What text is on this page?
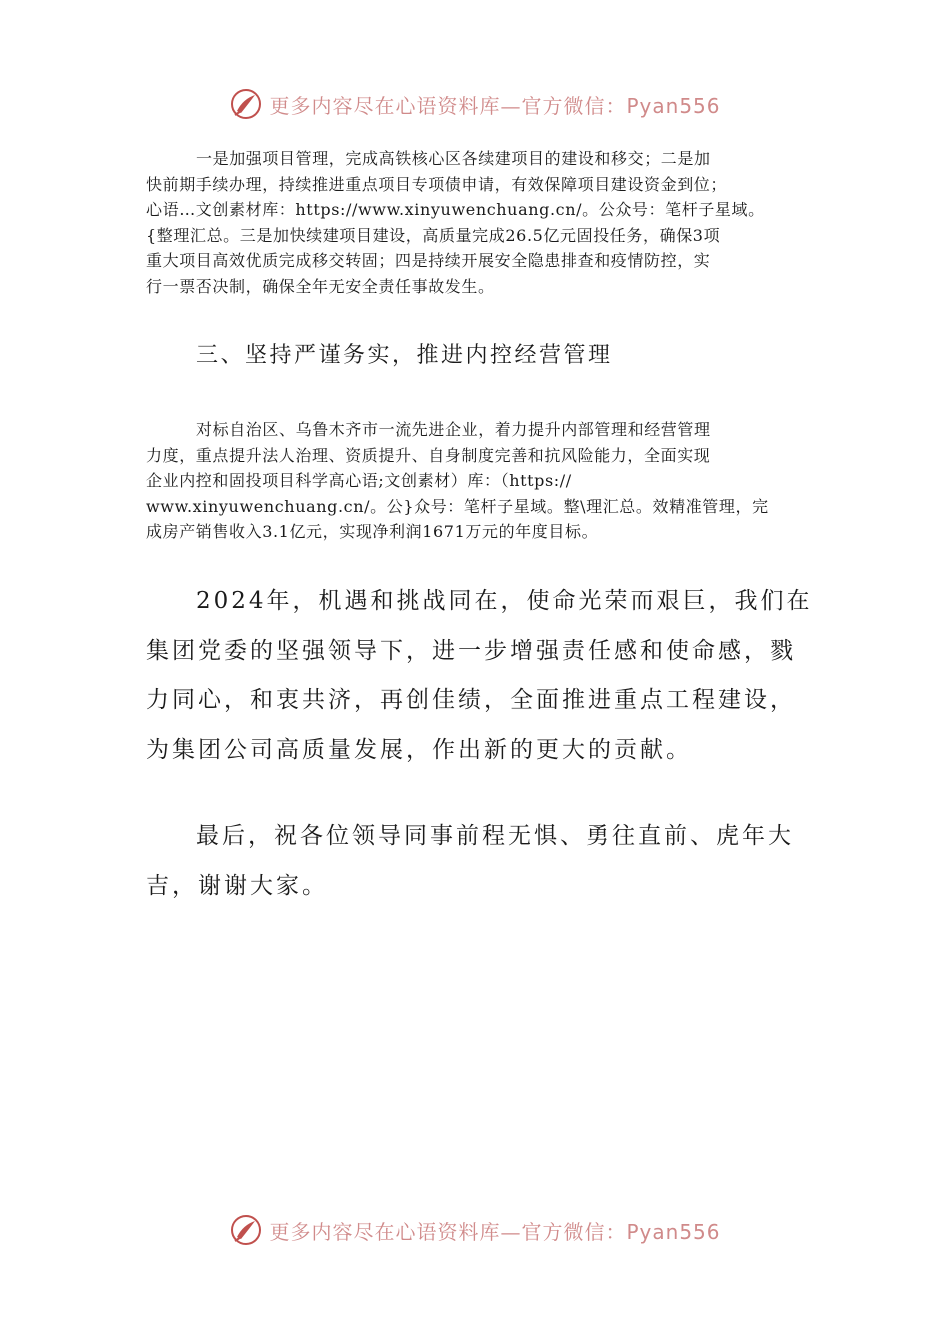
更多内容尽在心语资料库—官方微信：Pyan556
一是加强项目管理，完成高铁核心区各续建项目的建设和移交；二是加
快前期手续办理，持续推进重点项目专项债申请，有效保障项目建设资金到位；
心语…文创素材库：https://www.xinyuwenchuang.cn/。公众号：笔杆子星域。
{整理汇总。三是加快续建项目建设，高质量完成26.5亿元固投任务，确保3项
重大项目高效优质完成移交转固；四是持续开展安全隐患排查和疫情防控，实
行一票否决制，确保全年无安全责任事故发生。
三、坚持严谨务实，推进内控经营管理
对标自治区、乌鲁木齐市一流先进企业，着力提升内部管理和经营管理
力度，重点提升法人治理、资质提升、自身制度完善和抗风险能力，全面实现
企业内控和固投项目科学高心语;文创素材）库：（https://
www.xinyuwenchuang.cn/。公}众号：笔杆子星域。整\理汇总。效精准管理，完
成房产销售收入3.1亿元，实现净利润1671万元的年度目标。
2024年，机遇和挑战同在，使命光荣而艰巨，我们在
集团党委的坚强领导下，进一步增强责任感和使命感，戮
力同心，和衷共济，再创佳绩，全面推进重点工程建设，
为集团公司高质量发展，作出新的更大的贡献。
最后，祝各位领导同事前程无惧、勇往直前、虎年大
吉，谢谢大家。
更多内容尽在心语资料库—官方微信：Pyan556
